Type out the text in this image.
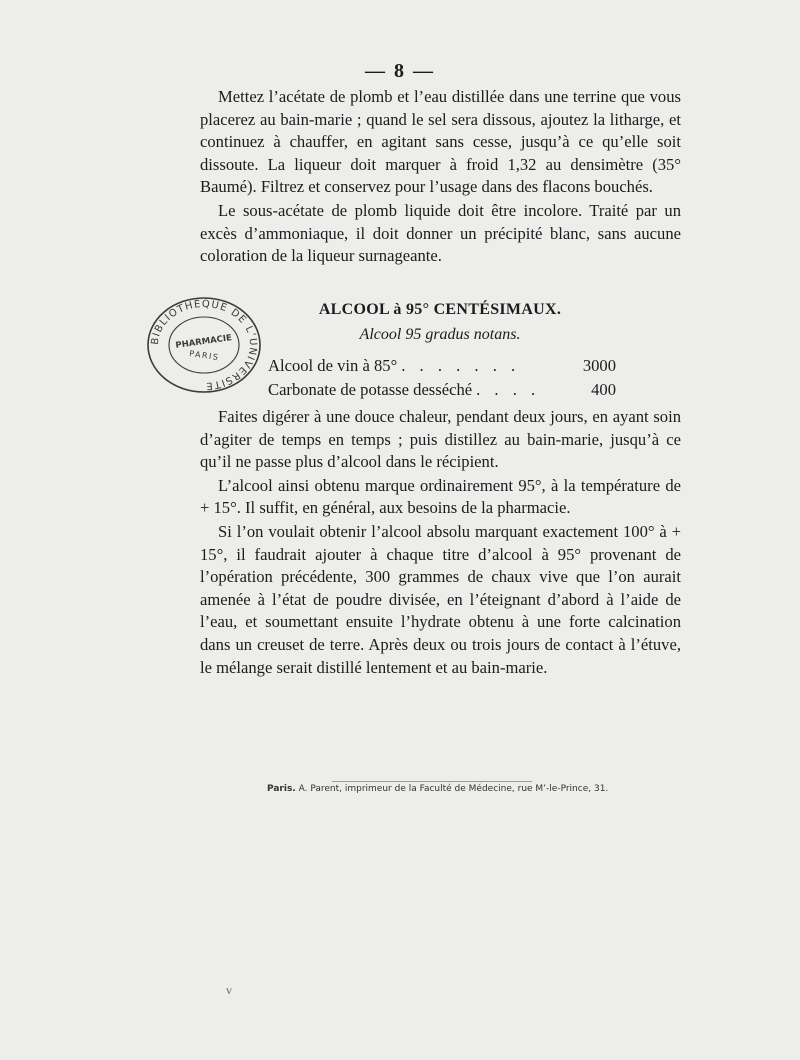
— 8 —

Mettez l’acétate de plomb et l’eau distillée dans une terrine que vous placerez au bain-marie ; quand le sel sera dissous, ajoutez la litharge, et continuez à chauffer, en agitant sans cesse, jusqu’à ce qu’elle soit dissoute. La liqueur doit marquer à froid 1,32 au densimètre (35° Baumé). Filtrez et conservez pour l’usage dans des flacons bouchés.

Le sous-acétate de plomb liquide doit être incolore. Traité par un excès d’ammoniaque, il doit donner un précipité blanc, sans aucune coloration de la liqueur surnageante.

BIBLIOTHÈQUE DE L’UNIVERSITÉ
PHARMACIE
PARIS
ALCOOL à 95° CENTÉSIMAUX.
Alcool 95 gradus notans.
Alcool de vin à 85° . . . . . . .	3000
Carbonate de potasse desséché . . . .	400

Faites digérer à une douce chaleur, pendant deux jours, en ayant soin d’agiter de temps en temps ; puis distillez au bain-marie, jusqu’à ce qu’il ne passe plus d’alcool dans le récipient.

L’alcool ainsi obtenu marque ordinairement 95°, à la température de + 15°. Il suffit, en général, aux besoins de la pharmacie.

Si l’on voulait obtenir l’alcool absolu marquant exactement 100° à + 15°, il faudrait ajouter à chaque titre d’alcool à 95° provenant de l’opération précédente, 300 grammes de chaux vive que l’on aurait amenée à l’état de poudre divisée, en l’éteignant d’abord à l’aide de l’eau, et soumettant ensuite l’hydrate obtenu à une forte calcination dans un creuset de terre. Après deux ou trois jours de contact à l’étuve, le mélange serait distillé lentement et au bain-marie.

Paris. A. Parent, imprimeur de la Faculté de Médecine, rue M’-le-Prince, 31.
v
